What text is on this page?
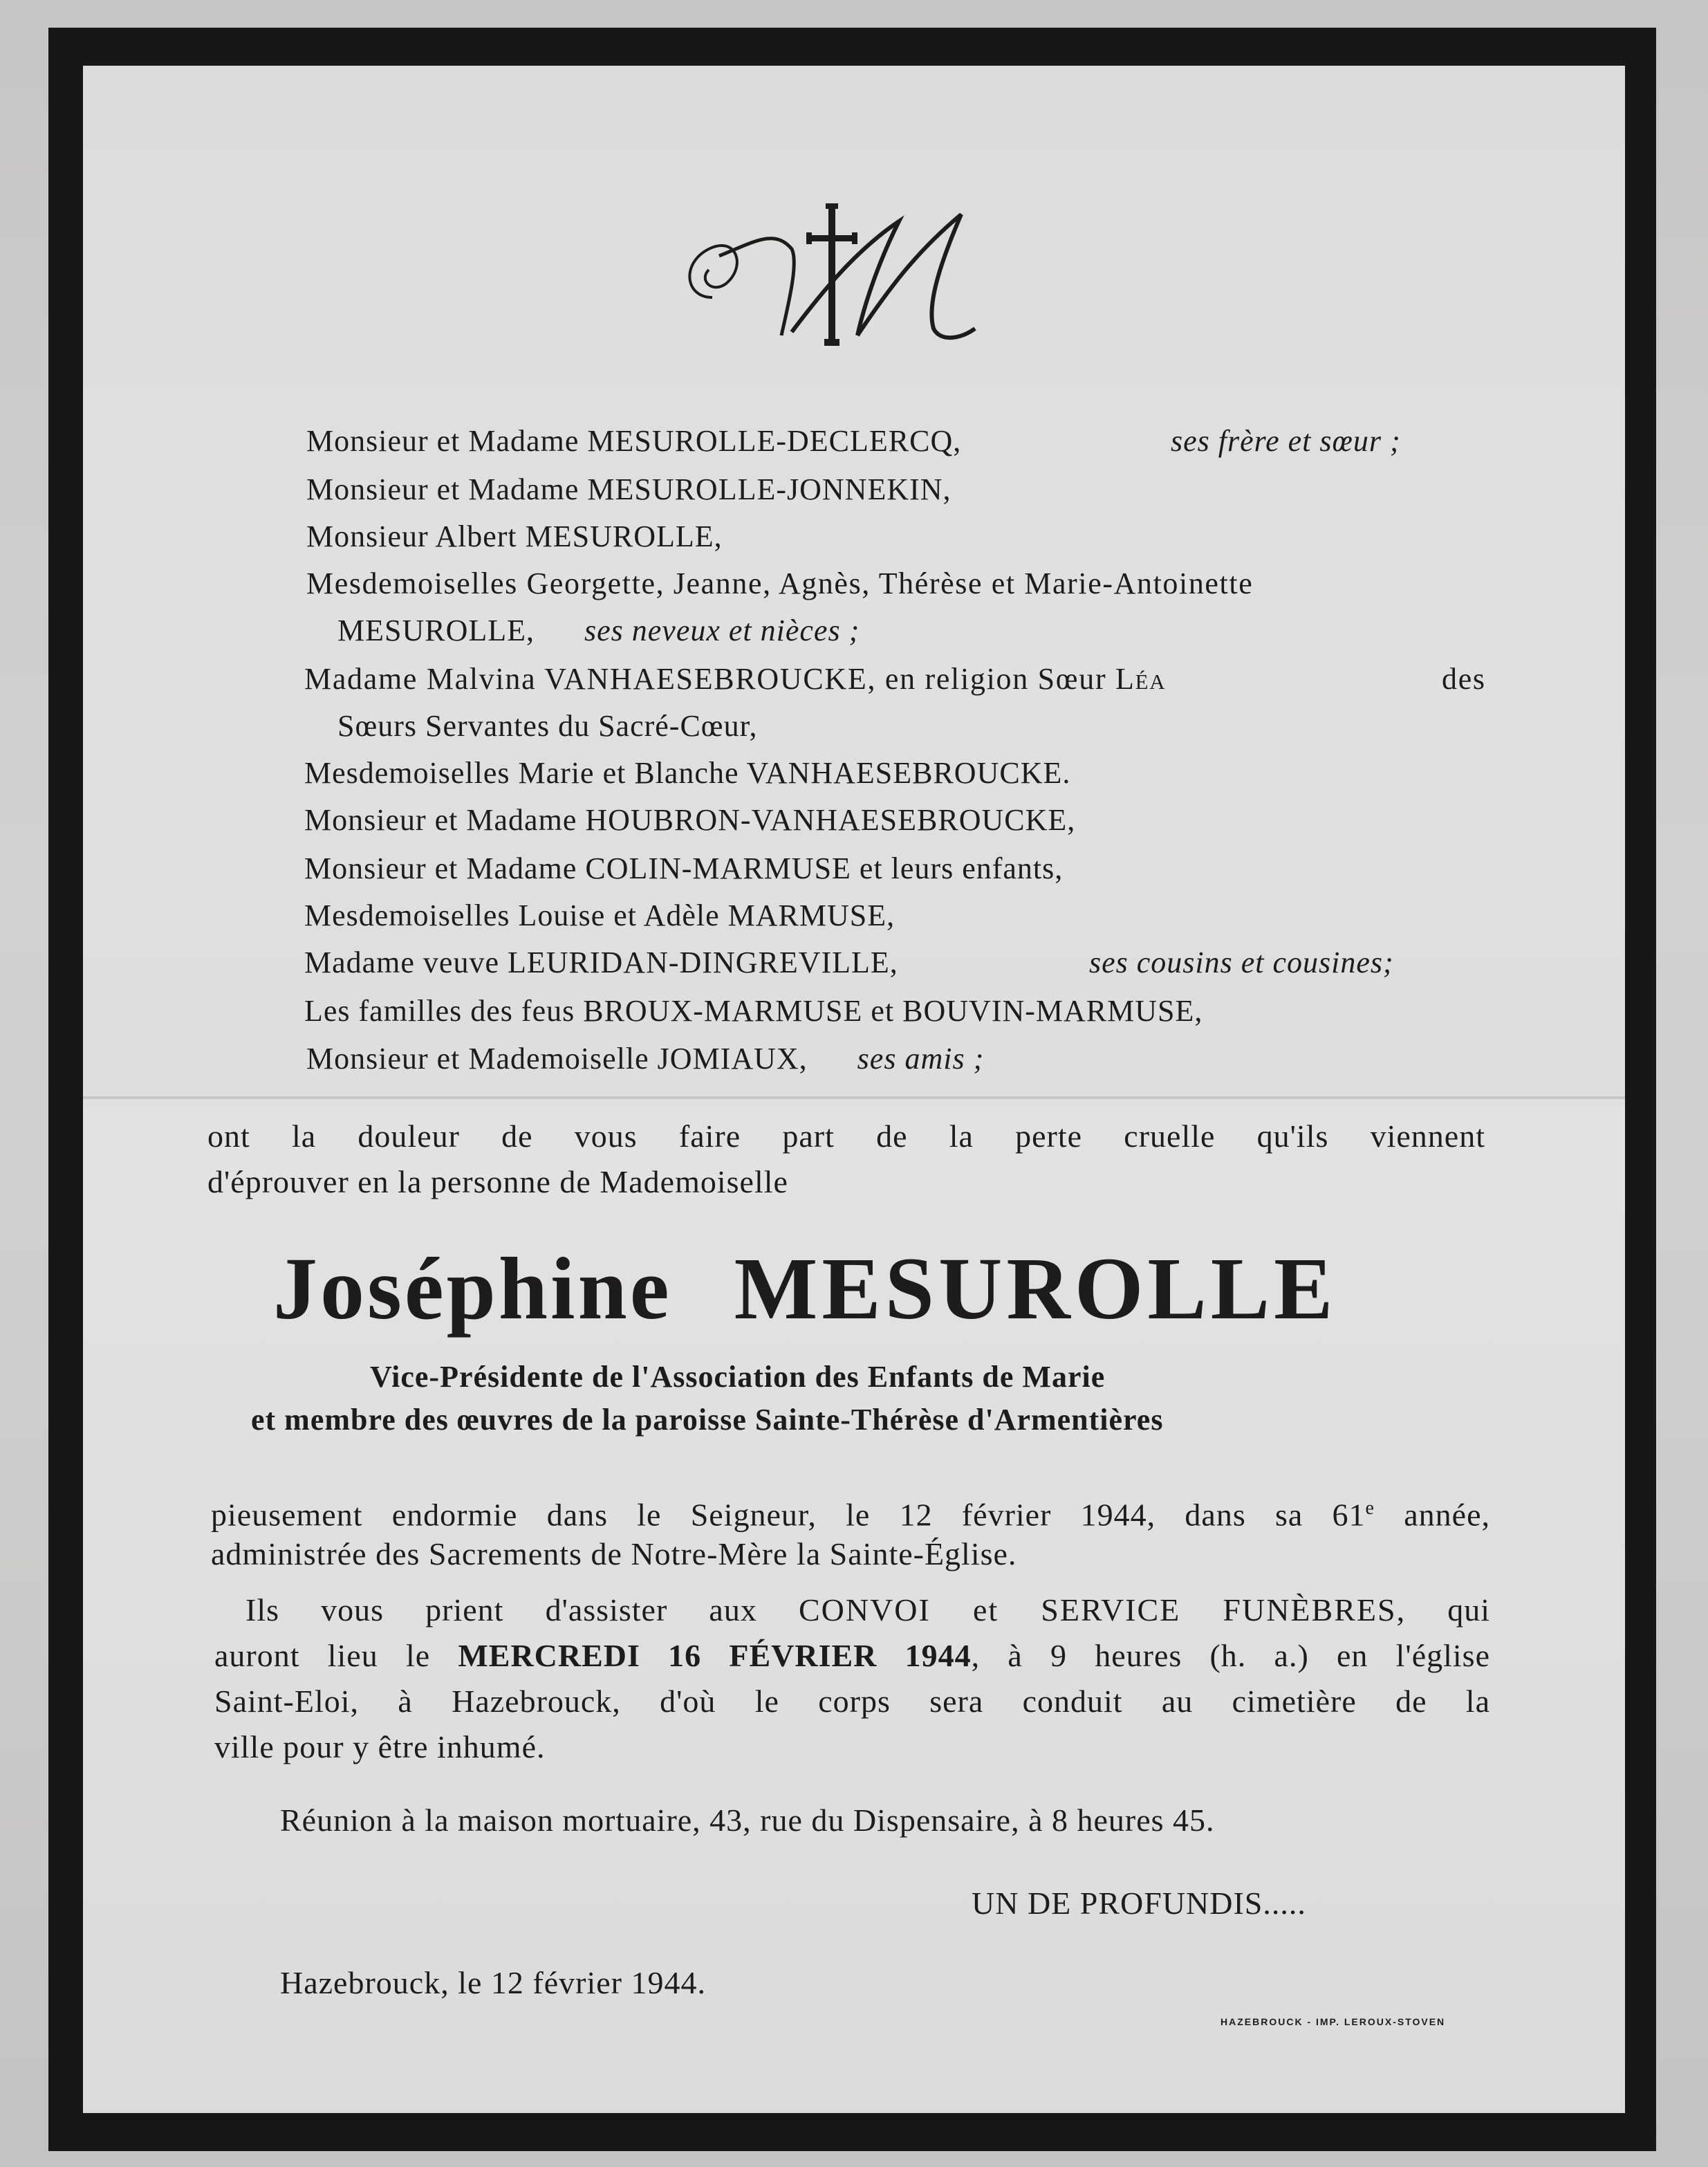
Monsieur et Madame MESUROLLE-DECLERCQ,	ses frère et sœur ;
Monsieur et Madame MESUROLLE-JONNEKIN,
Monsieur Albert MESUROLLE,
Mesdemoiselles Georgette, Jeanne, Agnès, Thérèse et Marie-Antoinette
MESUROLLE, ses neveux et nièces ;
Madame Malvina VANHAESEBROUCKE, en religion Sœur Léa	des
Sœurs Servantes du Sacré-Cœur,
Mesdemoiselles Marie et Blanche VANHAESEBROUCKE.
Monsieur et Madame HOUBRON-VANHAESEBROUCKE,
Monsieur et Madame COLIN-MARMUSE et leurs enfants,
Mesdemoiselles Louise et Adèle MARMUSE,
Madame veuve LEURIDAN-DINGREVILLE,	ses cousins et cousines;
Les familles des feus BROUX-MARMUSE et BOUVIN-MARMUSE,
Monsieur et Mademoiselle JOMIAUX, ses amis ;
ont la douleur de vous faire part de la perte cruelle qu'ils viennent
d'éprouver en la personne de Mademoiselle
Joséphine MESUROLLE
Vice-Présidente de l'Association des Enfants de Marie
et membre des œuvres de la paroisse Sainte-Thérèse d'Armentières
pieusement endormie dans le Seigneur, le 12 février 1944, dans sa 61e année,
administrée des Sacrements de Notre-Mère la Sainte-Église.
Ils vous prient d'assister aux CONVOI et SERVICE FUNÈBRES, qui
auront lieu le MERCREDI 16 FÉVRIER 1944, à 9 heures (h. a.) en l'église
Saint-Eloi, à Hazebrouck, d'où le corps sera conduit au cimetière de la
ville pour y être inhumé.
Réunion à la maison mortuaire, 43, rue du Dispensaire, à 8 heures 45.
UN DE PROFUNDIS.....
Hazebrouck, le 12 février 1944.
HAZEBROUCK - IMP. LEROUX-STOVEN
